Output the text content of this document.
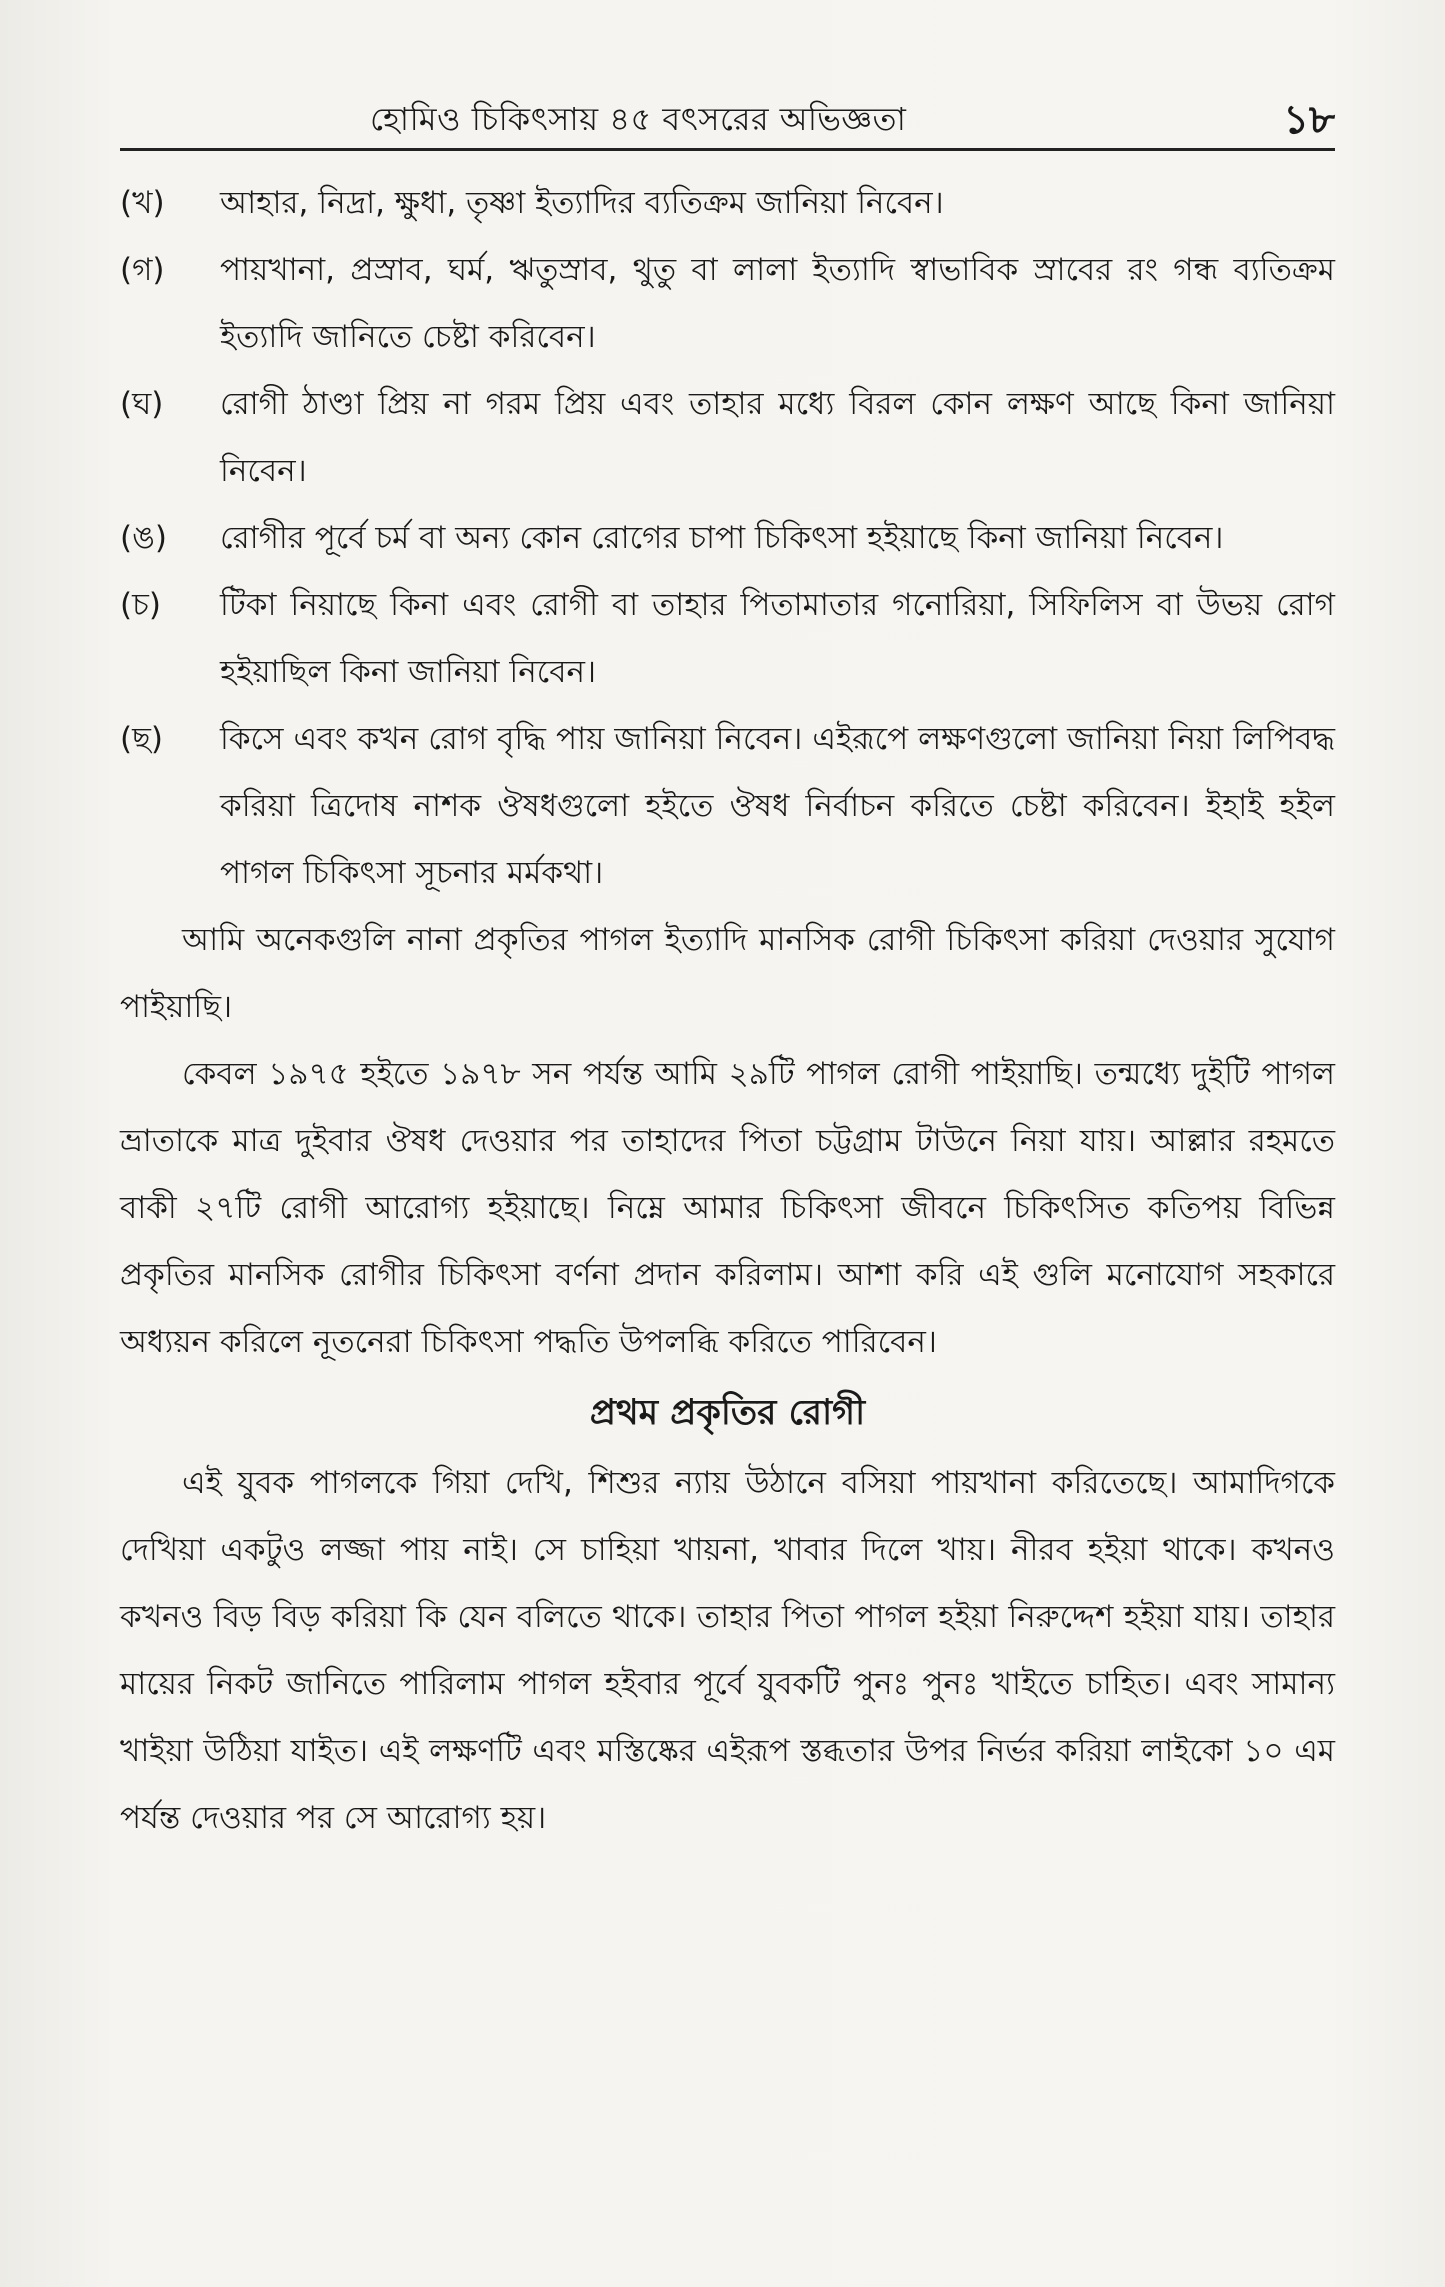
হোমিও চিকিৎসায় ৪৫ বৎসরের অভিজ্ঞতা	১৮
(খ)	আহার, নিদ্রা, ক্ষুধা, তৃষ্ণা ইত্যাদির ব্যতিক্রম জানিয়া নিবেন।
(গ)	পায়খানা, প্রস্রাব, ঘর্ম, ঋতুস্রাব, থুতু বা লালা ইত্যাদি স্বাভাবিক স্রাবের রং গন্ধ ব্যতিক্রম ইত্যাদি জানিতে চেষ্টা করিবেন।
(ঘ)	রোগী ঠাণ্ডা প্রিয় না গরম প্রিয় এবং তাহার মধ্যে বিরল কোন লক্ষণ আছে কিনা জানিয়া নিবেন।
(ঙ)	রোগীর পূর্বে চর্ম বা অন্য কোন রোগের চাপা চিকিৎসা হইয়াছে কিনা জানিয়া নিবেন।
(চ)	টিকা নিয়াছে কিনা এবং রোগী বা তাহার পিতামাতার গনোরিয়া, সিফিলিস বা উভয় রোগ হইয়াছিল কিনা জানিয়া নিবেন।
(ছ)	কিসে এবং কখন রোগ বৃদ্ধি পায় জানিয়া নিবেন। এইরূপে লক্ষণগুলো জানিয়া নিয়া লিপিবদ্ধ করিয়া ত্রিদোষ নাশক ঔষধগুলো হইতে ঔষধ নির্বাচন করিতে চেষ্টা করিবেন। ইহাই হইল পাগল চিকিৎসা সূচনার মর্মকথা।

আমি অনেকগুলি নানা প্রকৃতির পাগল ইত্যাদি মানসিক রোগী চিকিৎসা করিয়া দেওয়ার সুযোগ পাইয়াছি।

কেবল ১৯৭৫ হইতে ১৯৭৮ সন পর্যন্ত আমি ২৯টি পাগল রোগী পাইয়াছি। তন্মধ্যে দুইটি পাগল ভ্রাতাকে মাত্র দুইবার ঔষধ দেওয়ার পর তাহাদের পিতা চট্টগ্রাম টাউনে নিয়া যায়। আল্লার রহমতে বাকী ২৭টি রোগী আরোগ্য হইয়াছে। নিম্নে আমার চিকিৎসা জীবনে চিকিৎসিত কতিপয় বিভিন্ন প্রকৃতির মানসিক রোগীর চিকিৎসা বর্ণনা প্রদান করিলাম। আশা করি এই গুলি মনোযোগ সহকারে অধ্যয়ন করিলে নূতনেরা চিকিৎসা পদ্ধতি উপলব্ধি করিতে পারিবেন।

প্রথম প্রকৃতির রোগী

এই যুবক পাগলকে গিয়া দেখি, শিশুর ন্যায় উঠানে বসিয়া পায়খানা করিতেছে। আমাদিগকে দেখিয়া একটুও লজ্জা পায় নাই। সে চাহিয়া খায়না, খাবার দিলে খায়। নীরব হইয়া থাকে। কখনও কখনও বিড় বিড় করিয়া কি যেন বলিতে থাকে। তাহার পিতা পাগল হইয়া নিরুদ্দেশ হইয়া যায়। তাহার মায়ের নিকট জানিতে পারিলাম পাগল হইবার পূর্বে যুবকটি পুনঃ পুনঃ খাইতে চাহিত। এবং সামান্য খাইয়া উঠিয়া যাইত। এই লক্ষণটি এবং মস্তিষ্কের এইরূপ স্তব্ধতার উপর নির্ভর করিয়া লাইকো ১০ এম পর্যন্ত দেওয়ার পর সে আরোগ্য হয়।
